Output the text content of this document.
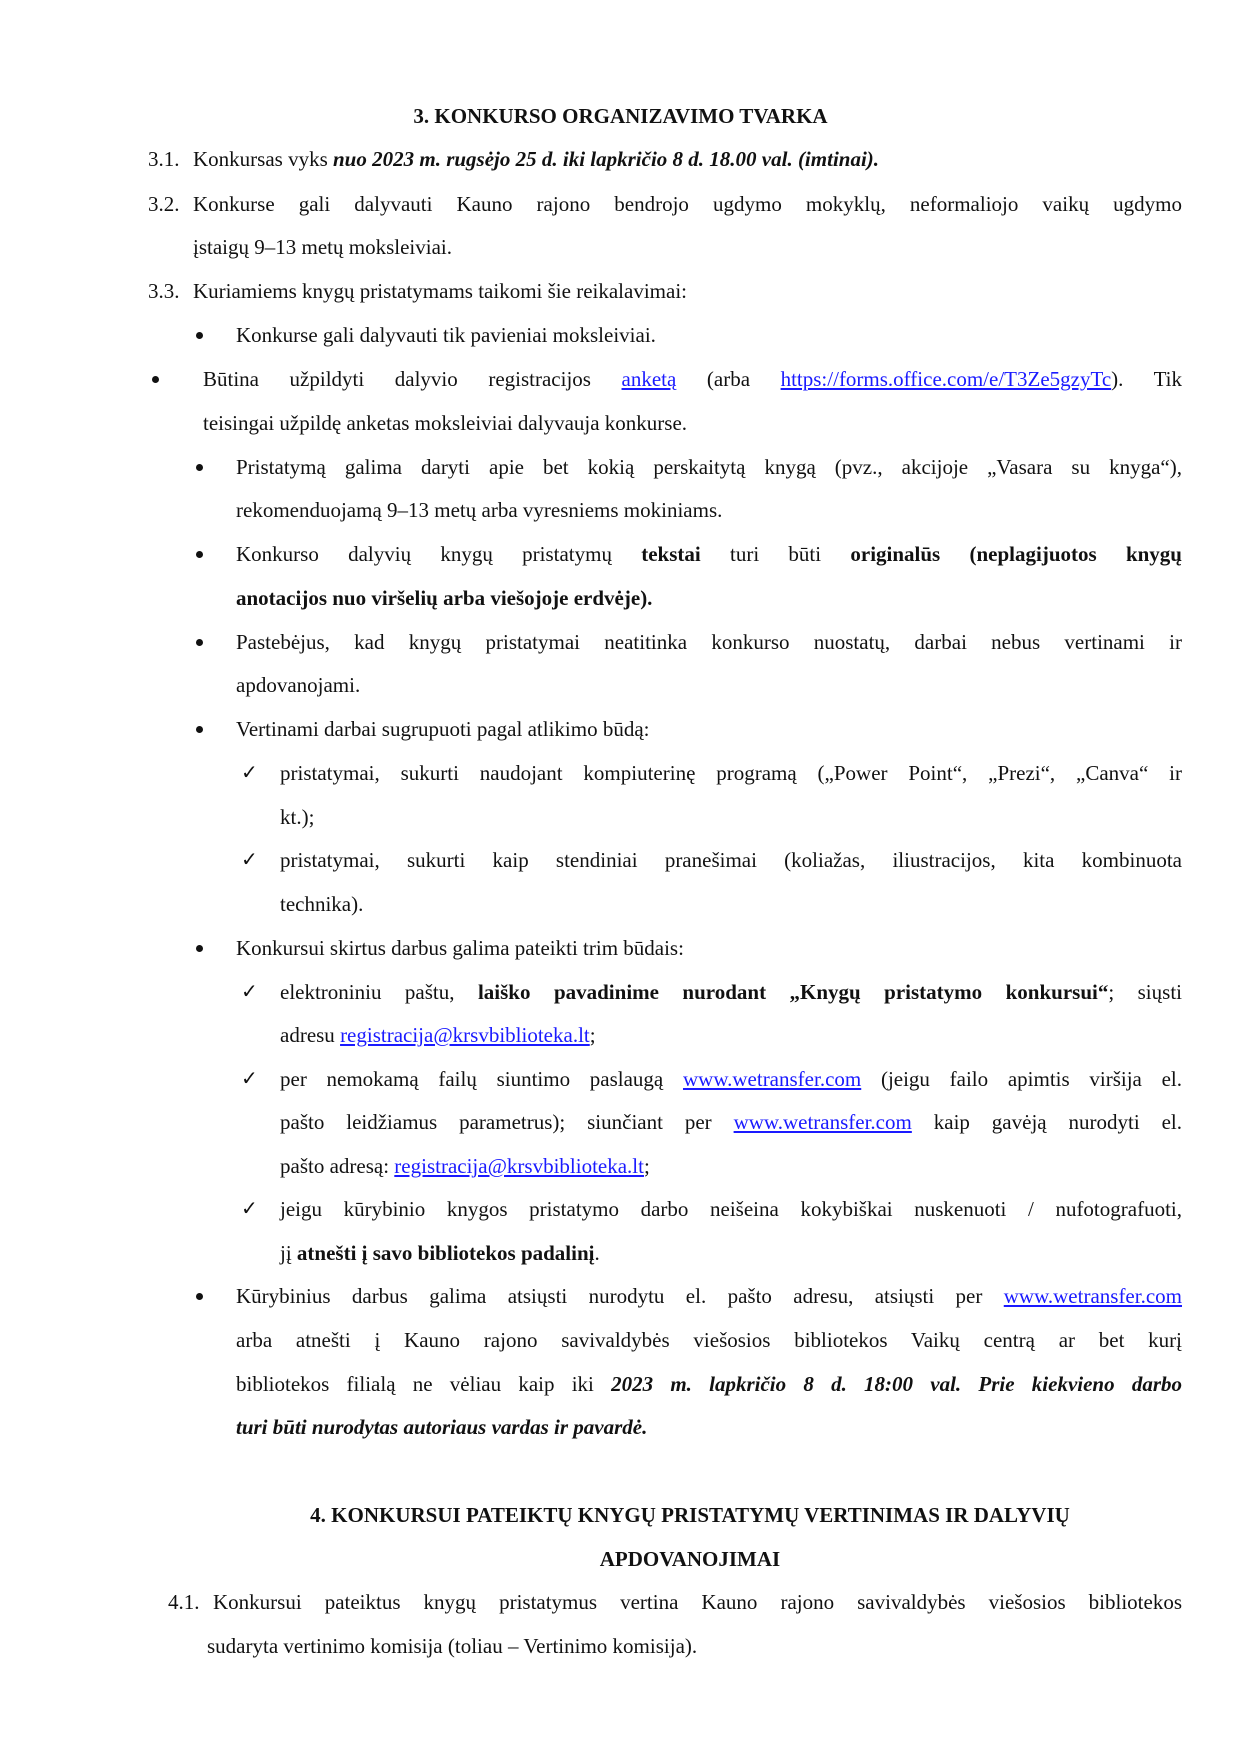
3. KONKURSO ORGANIZAVIMO TVARKA
3.1. Konkursas vyks nuo 2023 m. rugsėjo 25 d. iki lapkričio 8 d. 18.00 val. (imtinai).
3.2. Konkurse gali dalyvauti Kauno rajono bendrojo ugdymo mokyklų, neformaliojo vaikų ugdymo
įstaigų 9–13 metų moksleiviai.
3.3. Kuriamiems knygų pristatymams taikomi šie reikalavimai:
Konkurse gali dalyvauti tik pavieniai moksleiviai.
Būtina užpildyti dalyvio registracijos anketą (arba https://forms.office.com/e/T3Ze5gzyTc). Tik
teisingai užpildę anketas moksleiviai dalyvauja konkurse.
Pristatymą galima daryti apie bet kokią perskaitytą knygą (pvz., akcijoje „Vasara su knyga“),
rekomenduojamą 9–13 metų arba vyresniems mokiniams.
Konkurso dalyvių knygų pristatymų tekstai turi būti originalūs (neplagijuotos knygų
anotacijos nuo viršelių arba viešojoje erdvėje).
Pastebėjus, kad knygų pristatymai neatitinka konkurso nuostatų, darbai nebus vertinami ir
apdovanojami.
Vertinami darbai sugrupuoti pagal atlikimo būdą:
✓ pristatymai, sukurti naudojant kompiuterinę programą („Power Point“, „Prezi“, „Canva“ ir
kt.);
✓ pristatymai, sukurti kaip stendiniai pranešimai (koliažas, iliustracijos, kita kombinuota
technika).
Konkursui skirtus darbus galima pateikti trim būdais:
✓ elektroniniu paštu, laiško pavadinime nurodant „Knygų pristatymo konkursui“; siųsti
adresu registracija@krsvbiblioteka.lt;
✓ per nemokamą failų siuntimo paslaugą www.wetransfer.com (jeigu failo apimtis viršija el.
pašto leidžiamus parametrus); siunčiant per www.wetransfer.com kaip gavėją nurodyti el.
pašto adresą: registracija@krsvbiblioteka.lt;
✓ jeigu kūrybinio knygos pristatymo darbo neišeina kokybiškai nuskenuoti / nufotografuoti,
jį atnešti į savo bibliotekos padalinį.
Kūrybinius darbus galima atsiųsti nurodytu el. pašto adresu, atsiųsti per www.wetransfer.com
arba atnešti į Kauno rajono savivaldybės viešosios bibliotekos Vaikų centrą ar bet kurį
bibliotekos filialą ne vėliau kaip iki 2023 m. lapkričio 8 d. 18:00 val. Prie kiekvieno darbo
turi būti nurodytas autoriaus vardas ir pavardė.
4. KONKURSUI PATEIKTŲ KNYGŲ PRISTATYMŲ VERTINIMAS IR DALYVIŲ
APDOVANOJIMAI
4.1. Konkursui pateiktus knygų pristatymus vertina Kauno rajono savivaldybės viešosios bibliotekos
sudaryta vertinimo komisija (toliau – Vertinimo komisija).
